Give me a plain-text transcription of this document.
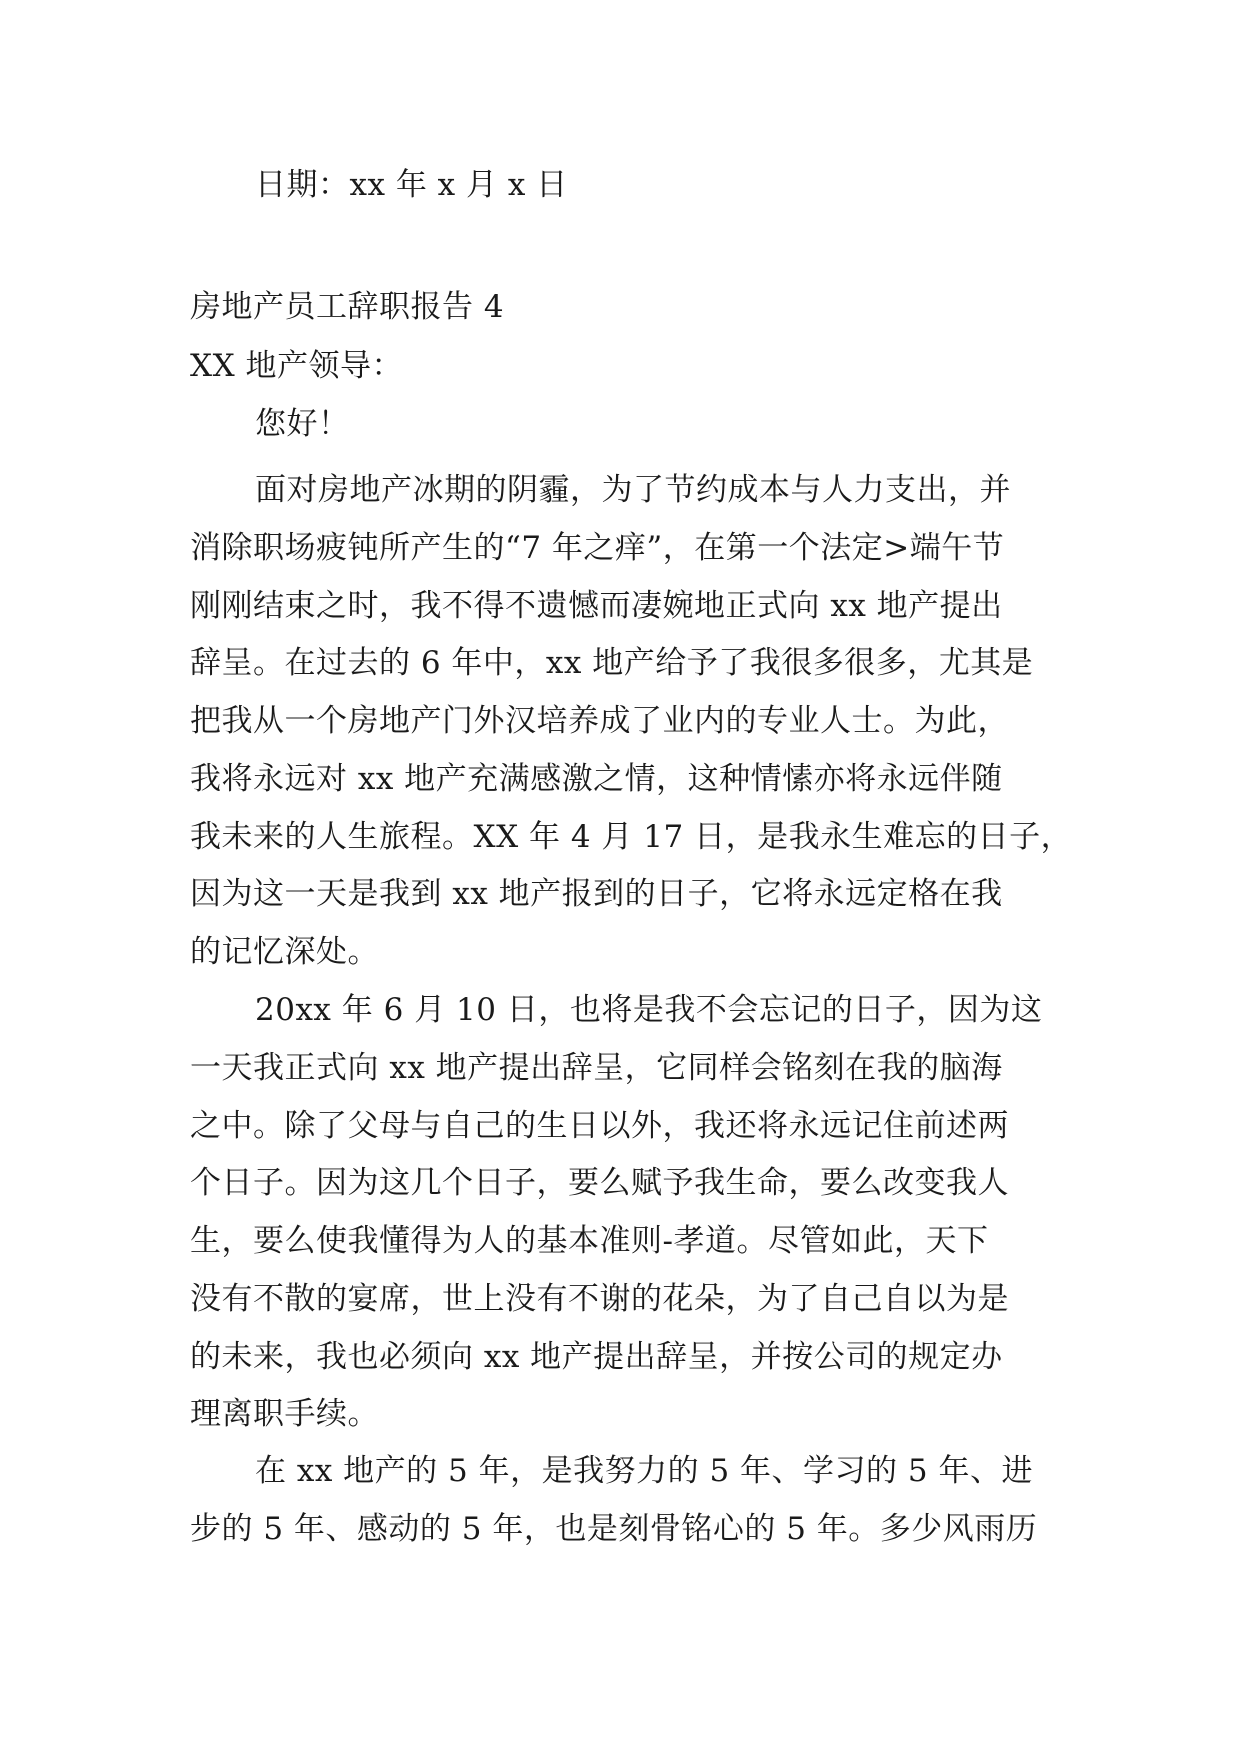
日期：xx 年 x 月 x 日
房地产员工辞职报告 4
XX 地产领导：
您好！
面对房地产冰期的阴霾，为了节约成本与人力支出，并
消除职场疲钝所产生的“7 年之痒”，在第一个法定>端午节
刚刚结束之时，我不得不遗憾而凄婉地正式向 xx 地产提出
辞呈。在过去的 6 年中，xx 地产给予了我很多很多，尤其是
把我从一个房地产门外汉培养成了业内的专业人士。为此，
我将永远对 xx 地产充满感激之情，这种情愫亦将永远伴随
我未来的人生旅程。XX 年 4 月 17 日，是我永生难忘的日子，
因为这一天是我到 xx 地产报到的日子，它将永远定格在我
的记忆深处。
20xx 年 6 月 10 日，也将是我不会忘记的日子，因为这
一天我正式向 xx 地产提出辞呈，它同样会铭刻在我的脑海
之中。除了父母与自己的生日以外，我还将永远记住前述两
个日子。因为这几个日子，要么赋予我生命，要么改变我人
生，要么使我懂得为人的基本准则-孝道。尽管如此，天下
没有不散的宴席，世上没有不谢的花朵，为了自己自以为是
的未来，我也必须向 xx 地产提出辞呈，并按公司的规定办
理离职手续。
在 xx 地产的 5 年，是我努力的 5 年、学习的 5 年、进
步的 5 年、感动的 5 年，也是刻骨铭心的 5 年。多少风雨历
